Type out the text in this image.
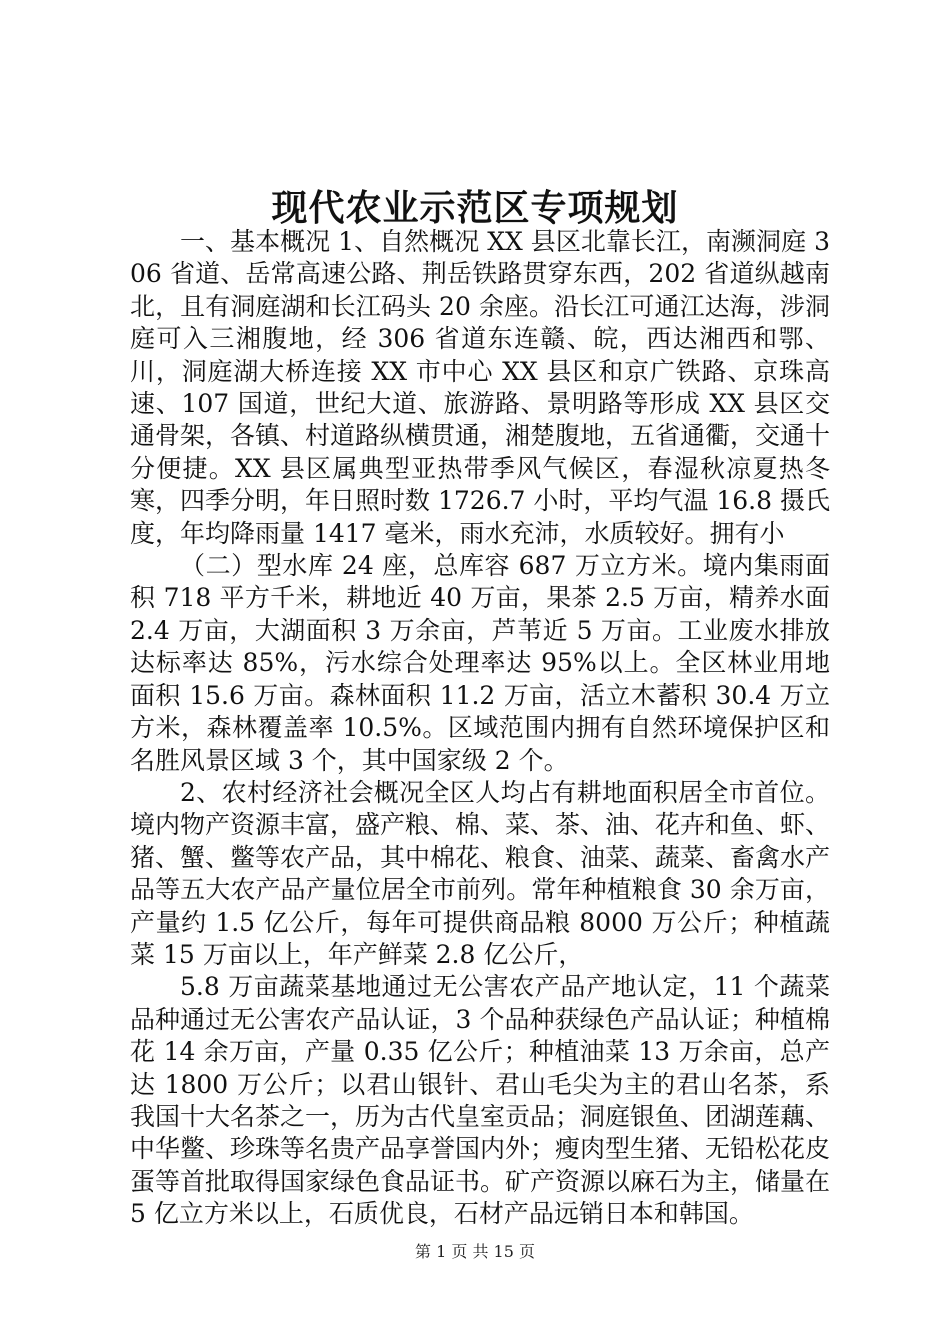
现代农业示范区专项规划

一、基本概况 1、自然概况 XX 县区北靠长江，南濒洞庭 306 省道、岳常高速公路、荆岳铁路贯穿东西，202 省道纵越南北，且有洞庭湖和长江码头 20 余座。沿长江可通江达海，涉洞庭可入三湘腹地，经 306 省道东连赣、皖，西达湘西和鄂、川，洞庭湖大桥连接 XX 市中心 XX 县区和京广铁路、京珠高速、107 国道，世纪大道、旅游路、景明路等形成 XX 县区交通骨架，各镇、村道路纵横贯通，湘楚腹地，五省通衢，交通十分便捷。XX 县区属典型亚热带季风气候区，春湿秋凉夏热冬寒，四季分明，年日照时数 1726.7 小时，平均气温 16.8 摄氏度，年均降雨量 1417 毫米，雨水充沛，水质较好。拥有小

（二）型水库 24 座，总库容 687 万立方米。境内集雨面积 718 平方千米，耕地近 40 万亩，果茶 2.5 万亩，精养水面 2.4 万亩，大湖面积 3 万余亩，芦苇近 5 万亩。工业废水排放达标率达 85%，污水综合处理率达 95%以上。全区林业用地面积 15.6 万亩。森林面积 11.2 万亩，活立木蓄积 30.4 万立方米，森林覆盖率 10.5%。区域范围内拥有自然环境保护区和名胜风景区域 3 个，其中国家级 2 个。

2、农村经济社会概况全区人均占有耕地面积居全市首位。境内物产资源丰富，盛产粮、棉、菜、茶、油、花卉和鱼、虾、猪、蟹、鳖等农产品，其中棉花、粮食、油菜、蔬菜、畜禽水产品等五大农产品产量位居全市前列。常年种植粮食 30 余万亩，产量约 1.5 亿公斤，每年可提供商品粮 8000 万公斤；种植蔬菜 15 万亩以上，年产鲜菜 2.8 亿公斤，

5.8 万亩蔬菜基地通过无公害农产品产地认定，11 个蔬菜品种通过无公害农产品认证，3 个品种获绿色产品认证；种植棉花 14 余万亩，产量 0.35 亿公斤；种植油菜 13 万余亩，总产达 1800 万公斤；以君山银针、君山毛尖为主的君山名茶，系我国十大名茶之一，历为古代皇室贡品；洞庭银鱼、团湖莲藕、中华鳖、珍珠等名贵产品享誉国内外；瘦肉型生猪、无铅松花皮蛋等首批取得国家绿色食品证书。矿产资源以麻石为主，储量在 5 亿立方米以上，石质优良，石材产品远销日本和韩国。

第 1 页 共 15 页
